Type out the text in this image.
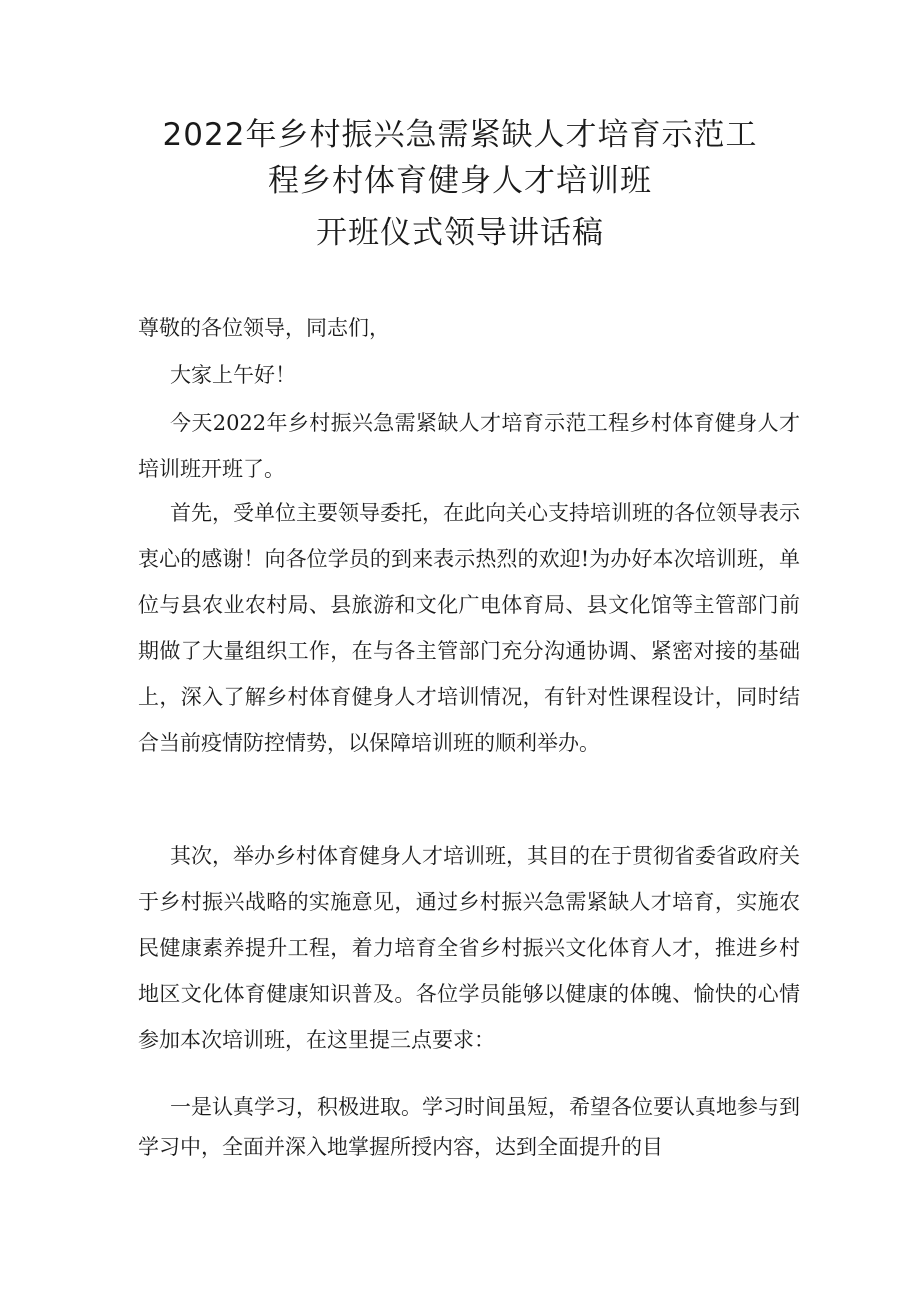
2022年乡村振兴急需紧缺人才培育示范工
程乡村体育健身人才培训班
开班仪式领导讲话稿

尊敬的各位领导，同志们，

大家上午好！

今天2022年乡村振兴急需紧缺人才培育示范工程乡村体育健身人才培训班开班了。

首先，受单位主要领导委托，在此向关心支持培训班的各位领导表示衷心的感谢！向各位学员的到来表示热烈的欢迎!为办好本次培训班，单位与县农业农村局、县旅游和文化广电体育局、县文化馆等主管部门前期做了大量组织工作，在与各主管部门充分沟通协调、紧密对接的基础上，深入了解乡村体育健身人才培训情况，有针对性课程设计，同时结合当前疫情防控情势，以保障培训班的顺利举办。

其次，举办乡村体育健身人才培训班，其目的在于贯彻省委省政府关于乡村振兴战略的实施意见，通过乡村振兴急需紧缺人才培育，实施农民健康素养提升工程，着力培育全省乡村振兴文化体育人才，推进乡村地区文化体育健康知识普及。各位学员能够以健康的体魄、愉快的心情参加本次培训班，在这里提三点要求：

一是认真学习，积极进取。学习时间虽短，希望各位要认真地参与到学习中，全面并深入地掌握所授内容，达到全面提升的目
